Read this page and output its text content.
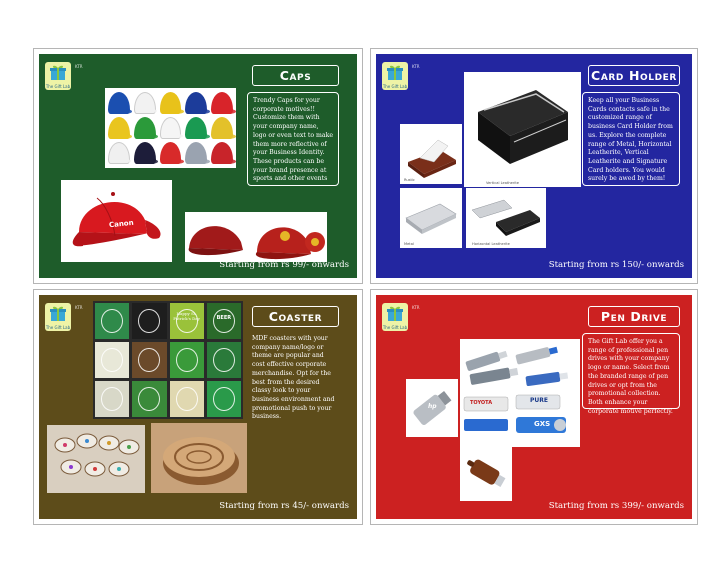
The Gift Lab
KTR
Canon
Caps
Trendy Caps for your corporate motives!! Customize them with your company name, logo or even text to make them more reflective of your Business Identity. These products can be your brand presence at sports and other events
Starting from rs 99/- onwards
The Gift Lab
KTR
Vertical Leatherite
Rustic
Metal	Horizontal Leatherite
Card Holder
Keep all your Business Cards contacts safe in the customized range of business Card Holder from us. Explore the complete range of Metal, Horizontal Leatherite, Vertical Leatherite and Signature Card holders. You would surely be awed by them!
Starting from rs 150/- onwards
The Gift Lab
KTR
Happy St. Patrick's Day	BEER	Coaster
MDF coasters with your company name/logo or theme are popular and cost effective corporate merchandise. Opt for the best from the desired classy look to your business environment and promotional push to your business.
Starting from rs 45/- onwards
The Gift Lab
KTR
PURE
TOYOTA
GXS
hp
Pen Drive
The Gift Lab offer you a range of professional pen drives with your company logo or name. Select from the branded range of pen drives or opt from the promotional collection. Both enhance your corporate motive perfectly.
Starting from rs 399/- onwards
